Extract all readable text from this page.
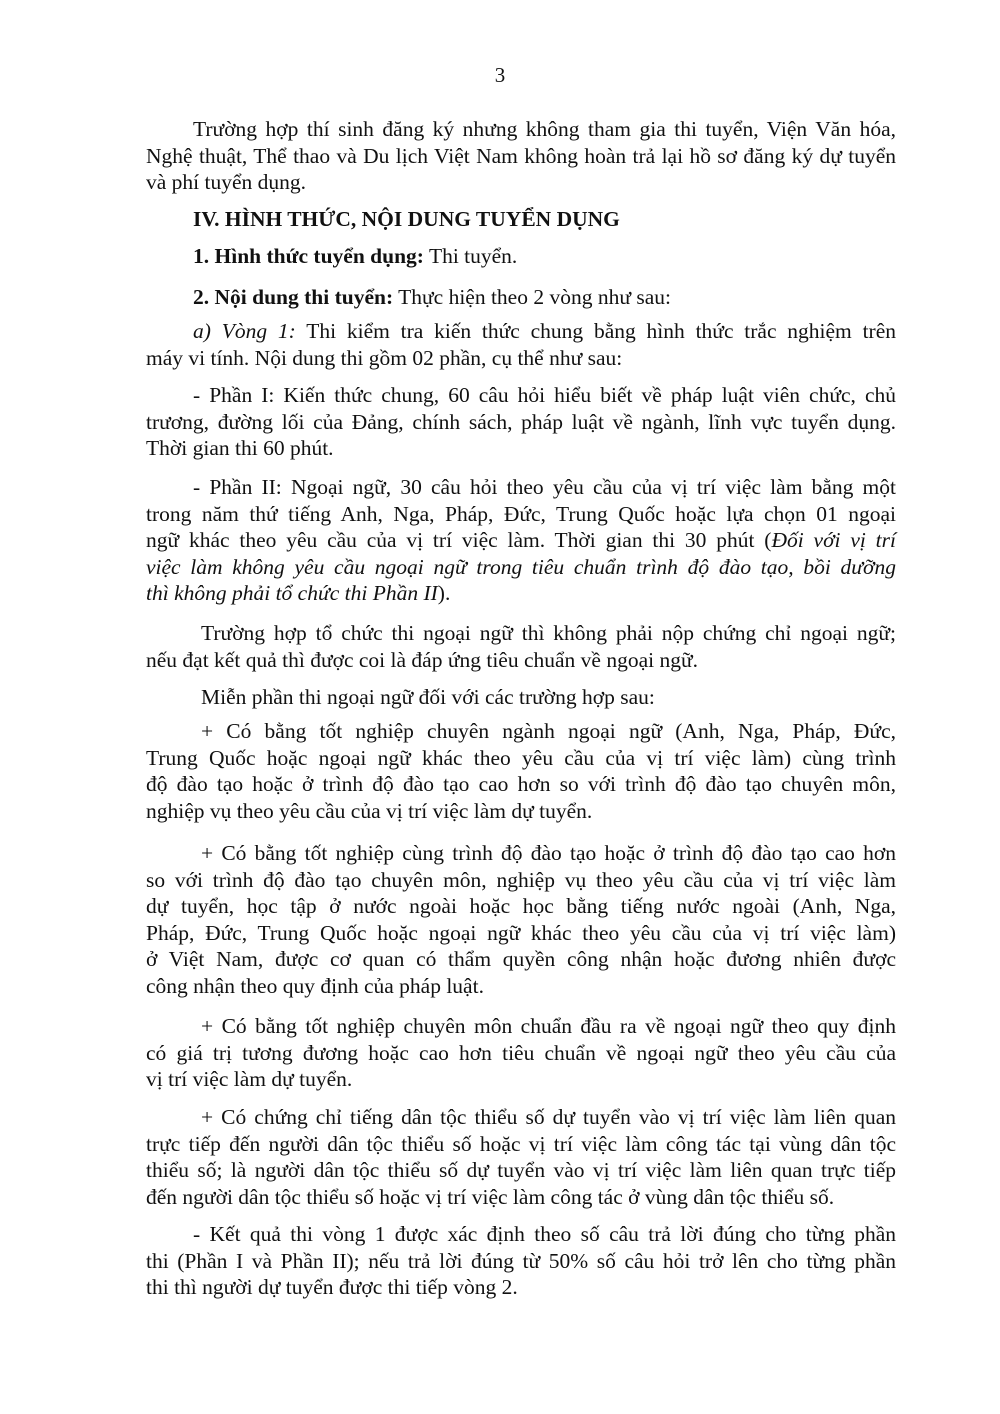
3
Trường hợp thí sinh đăng ký nhưng không tham gia thi tuyển, Viện Văn hóa,
Nghệ thuật, Thể thao và Du lịch Việt Nam không hoàn trả lại hồ sơ đăng ký dự tuyển
và phí tuyển dụng.
IV. HÌNH THỨC, NỘI DUNG TUYỂN DỤNG
1. Hình thức tuyển dụng: Thi tuyển.
2. Nội dung thi tuyển: Thực hiện theo 2 vòng như sau:
a) Vòng 1: Thi kiểm tra kiến thức chung bằng hình thức trắc nghiệm trên
máy vi tính. Nội dung thi gồm 02 phần, cụ thể như sau:
- Phần I: Kiến thức chung, 60 câu hỏi hiểu biết về pháp luật viên chức, chủ
trương, đường lối của Đảng, chính sách, pháp luật về ngành, lĩnh vực tuyển dụng.
Thời gian thi 60 phút.
- Phần II: Ngoại ngữ, 30 câu hỏi theo yêu cầu của vị trí việc làm bằng một
trong năm thứ tiếng Anh, Nga, Pháp, Đức, Trung Quốc hoặc lựa chọn 01 ngoại
ngữ khác theo yêu cầu của vị trí việc làm. Thời gian thi 30 phút (Đối với vị trí
việc làm không yêu cầu ngoại ngữ trong tiêu chuẩn trình độ đào tạo, bồi dưỡng
thì không phải tổ chức thi Phần II).
Trường hợp tổ chức thi ngoại ngữ thì không phải nộp chứng chỉ ngoại ngữ;
nếu đạt kết quả thì được coi là đáp ứng tiêu chuẩn về ngoại ngữ.
Miễn phần thi ngoại ngữ đối với các trường hợp sau:
+ Có bằng tốt nghiệp chuyên ngành ngoại ngữ (Anh, Nga, Pháp, Đức,
Trung Quốc hoặc ngoại ngữ khác theo yêu cầu của vị trí việc làm) cùng trình
độ đào tạo hoặc ở trình độ đào tạo cao hơn so với trình độ đào tạo chuyên môn,
nghiệp vụ theo yêu cầu của vị trí việc làm dự tuyển.
+ Có bằng tốt nghiệp cùng trình độ đào tạo hoặc ở trình độ đào tạo cao hơn
so với trình độ đào tạo chuyên môn, nghiệp vụ theo yêu cầu của vị trí việc làm
dự tuyển, học tập ở nước ngoài hoặc học bằng tiếng nước ngoài (Anh, Nga,
Pháp, Đức, Trung Quốc hoặc ngoại ngữ khác theo yêu cầu của vị trí việc làm)
ở Việt Nam, được cơ quan có thẩm quyền công nhận hoặc đương nhiên được
công nhận theo quy định của pháp luật.
+ Có bằng tốt nghiệp chuyên môn chuẩn đầu ra về ngoại ngữ theo quy định
có giá trị tương đương hoặc cao hơn tiêu chuẩn về ngoại ngữ theo yêu cầu của
vị trí việc làm dự tuyển.
+ Có chứng chỉ tiếng dân tộc thiểu số dự tuyển vào vị trí việc làm liên quan
trực tiếp đến người dân tộc thiểu số hoặc vị trí việc làm công tác tại vùng dân tộc
thiểu số; là người dân tộc thiểu số dự tuyển vào vị trí việc làm liên quan trực tiếp
đến người dân tộc thiểu số hoặc vị trí việc làm công tác ở vùng dân tộc thiểu số.
- Kết quả thi vòng 1 được xác định theo số câu trả lời đúng cho từng phần
thi (Phần I và Phần II); nếu trả lời đúng từ 50% số câu hỏi trở lên cho từng phần
thi thì người dự tuyển được thi tiếp vòng 2.
